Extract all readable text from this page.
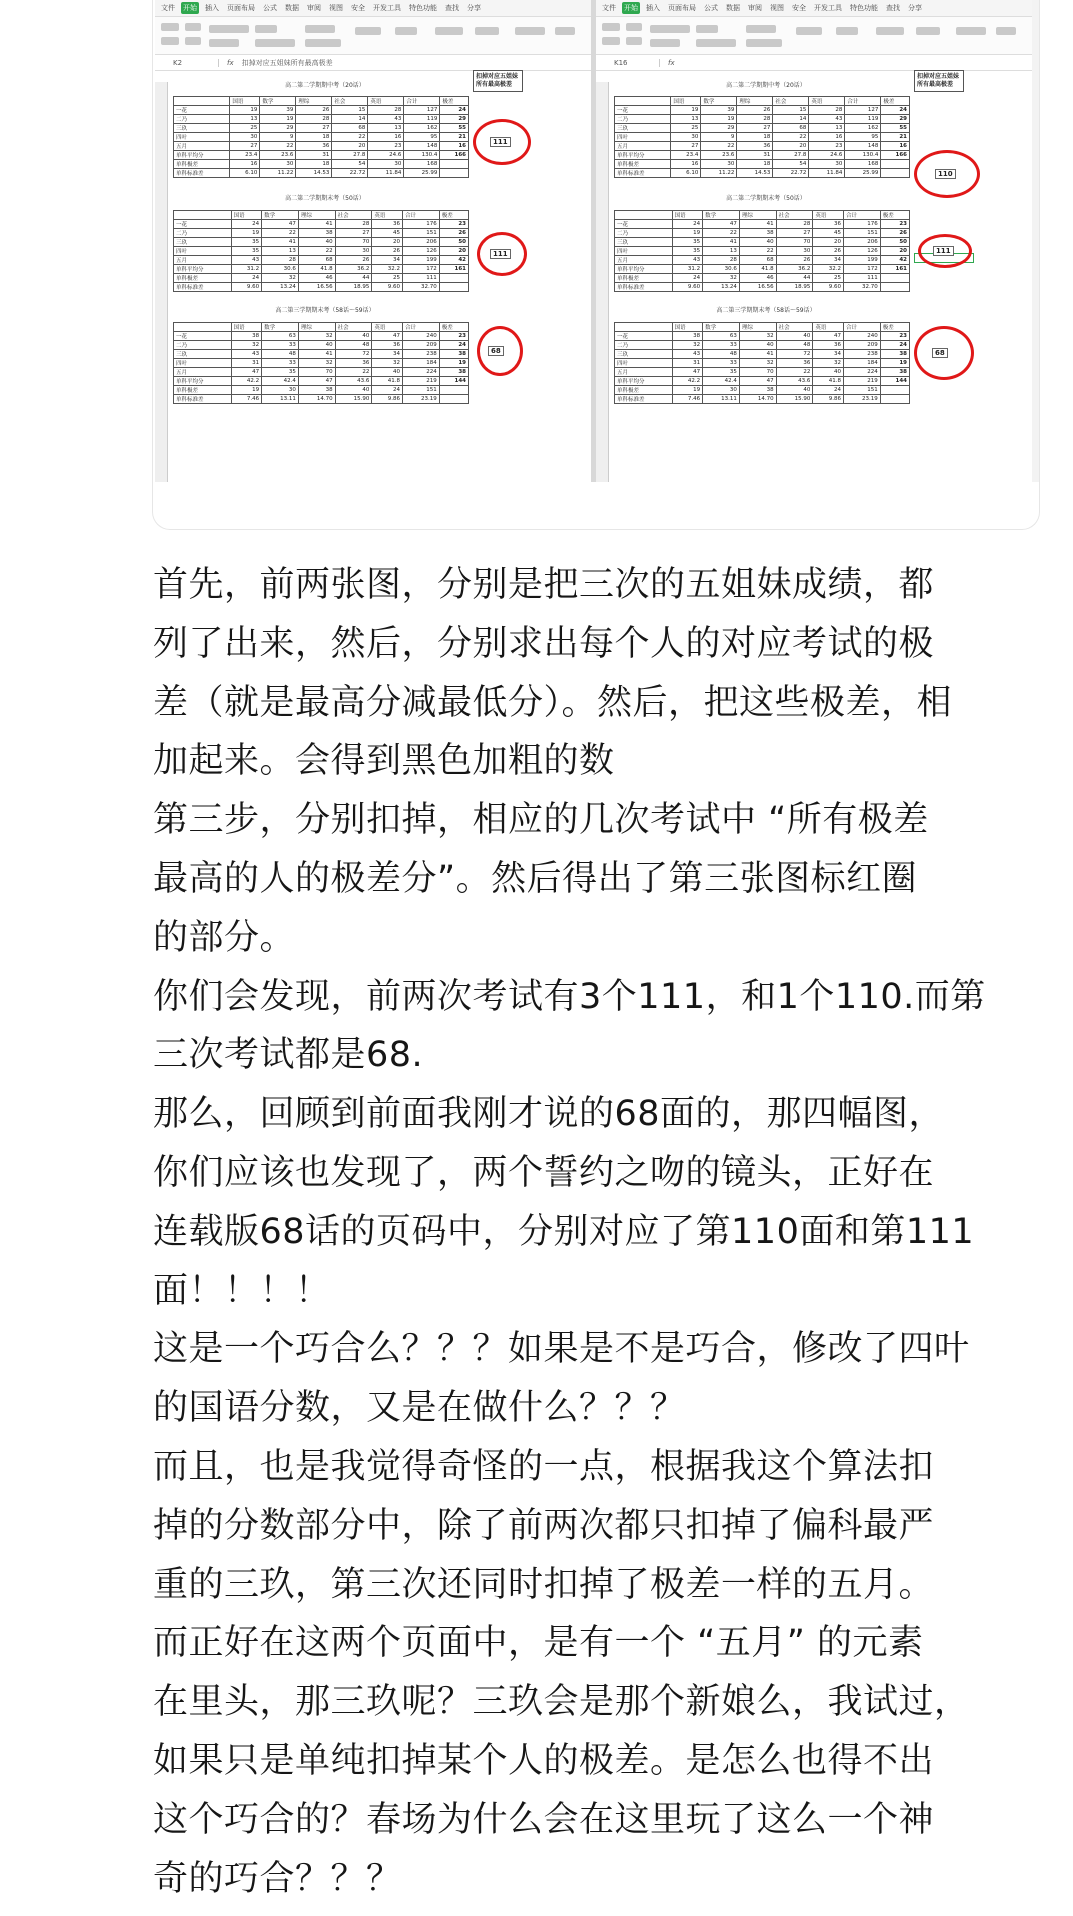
文件 开始 插入 页面布局 公式 数据 审阅 视图 安全 开发工具 特色功能 查找 分享
K2	fx	扣掉对应五姐妹所有最高极差
高二第二学期期中考（20话）
	国语	数学	理综	社会	英语	合计	极差
一花	19	39	26	15	28	127	24
二乃	13	19	28	14	43	119	29
三玖	25	29	27	68	13	162	55
四叶	30	9	18	22	16	95	21
五月	27	22	36	20	23	148	16
单科平均分	23.4	23.6	31	27.8	24.6	130.4	166
单科极差	16	30	18	54	30	168	
单科标准差	6.10	11.22	14.53	22.72	11.84	25.99	
高二第二学期期末考（50话）
	国语	数学	理综	社会	英语	合计	极差
一花	24	47	41	28	36	176	23
二乃	19	22	38	27	45	151	26
三玖	35	41	40	70	20	206	50
四叶	35	13	22	30	26	126	20
五月	43	28	68	26	34	199	42
单科平均分	31.2	30.6	41.8	36.2	32.2	172	161
单科极差	24	32	46	44	25	111	
单科标准差	9.60	13.24	16.56	18.95	9.60	32.70	
高二第三学期期末考（58话～59话）
	国语	数学	理综	社会	英语	合计	极差
一花	38	63	32	40	47	240	23
二乃	32	33	40	48	36	209	24
三玖	43	48	41	72	34	238	38
四叶	31	33	32	36	32	184	19
五月	47	35	70	22	40	224	38
单科平均分	42.2	42.4	47	43.6	41.8	219	144
单科极差	19	30	38	40	24	151	
单科标准差	7.46	13.11	14.70	15.90	9.86	23.19	
扣掉对应五姐妹所有最高极差
111
111
68
文件 开始 插入 页面布局 公式 数据 审阅 视图 安全 开发工具 特色功能 查找 分享
K16	fx
高二第二学期期中考（20话）
	国语	数学	理综	社会	英语	合计	极差
一花	19	39	26	15	28	127	24
二乃	13	19	28	14	43	119	29
三玖	25	29	27	68	13	162	55
四叶	30	9	18	22	16	95	21
五月	27	22	36	20	23	148	16
单科平均分	23.4	23.6	31	27.8	24.6	130.4	166
单科极差	16	30	18	54	30	168	
单科标准差	6.10	11.22	14.53	22.72	11.84	25.99	
高二第二学期期末考（50话）
	国语	数学	理综	社会	英语	合计	极差
一花	24	47	41	28	36	176	23
二乃	19	22	38	27	45	151	26
三玖	35	41	40	70	20	206	50
四叶	35	13	22	30	26	126	20
五月	43	28	68	26	34	199	42
单科平均分	31.2	30.6	41.8	36.2	32.2	172	161
单科极差	24	32	46	44	25	111	
单科标准差	9.60	13.24	16.56	18.95	9.60	32.70	
高二第三学期期末考（58话～59话）
	国语	数学	理综	社会	英语	合计	极差
一花	38	63	32	40	47	240	23
二乃	32	33	40	48	36	209	24
三玖	43	48	41	72	34	238	38
四叶	31	33	32	36	32	184	19
五月	47	35	70	22	40	224	38
单科平均分	42.2	42.4	47	43.6	41.8	219	144
单科极差	19	30	38	40	24	151	
单科标准差	7.46	13.11	14.70	15.90	9.86	23.19	
扣掉对应五姐妹所有最高极差
110
111
68

首先，前两张图，分别是把三次的五姐妹成绩，都

列了出来，然后，分别求出每个人的对应考试的极

差（就是最高分减最低分）。然后，把这些极差，相

加起来。会得到黑色加粗的数

第三步，分别扣掉，相应的几次考试中 “所有极差

最高的人的极差分”。然后得出了第三张图标红圈

的部分。

你们会发现，前两次考试有3个111，和1个110.而第

三次考试都是68.

那么，回顾到前面我刚才说的68面的，那四幅图，

你们应该也发现了，两个誓约之吻的镜头，正好在

连载版68话的页码中，分别对应了第110面和第111

面！！！！

这是一个巧合么？？？如果是不是巧合，修改了四叶

的国语分数，又是在做什么？？？

而且，也是我觉得奇怪的一点，根据我这个算法扣

掉的分数部分中，除了前两次都只扣掉了偏科最严

重的三玖，第三次还同时扣掉了极差一样的五月。

而正好在这两个页面中，是有一个 “五月” 的元素

在里头，那三玖呢？三玖会是那个新娘么，我试过，

如果只是单纯扣掉某个人的极差。是怎么也得不出

这个巧合的？春场为什么会在这里玩了这么一个神

奇的巧合？？？
